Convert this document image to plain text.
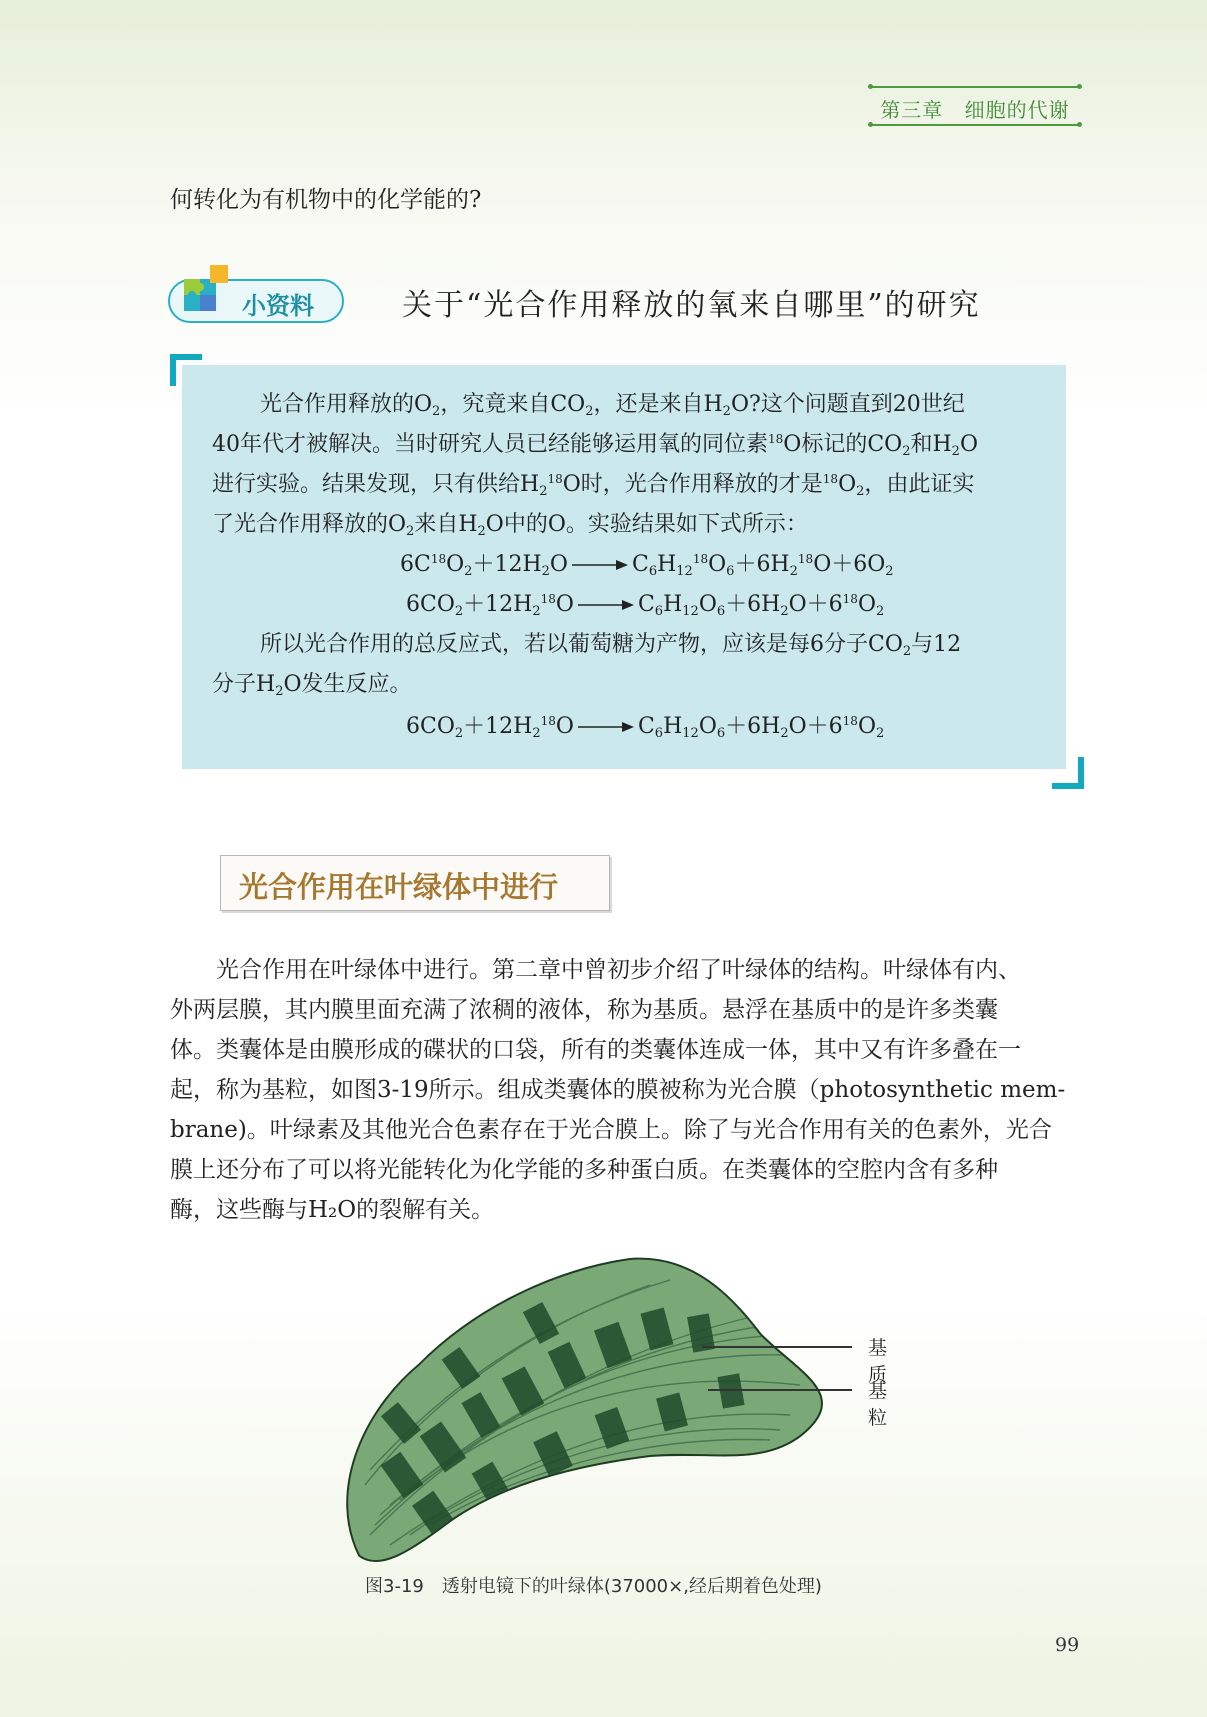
第三章 细胞的代谢
何转化为有机物中的化学能的?
小资料	关于“光合作用释放的氧来自哪里”的研究
光合作用释放的$O_2$，究竟来自$CO_2$，还是来自$H_2O$?这个问题直到20世纪
40年代才被解决。当时研究人员已经能够运用氧的同位素$^{18}$O标记的$CO_2$和$H_2O$
进行实验。结果发现，只有供给$H_2^{18}O$时，光合作用释放的才是$^{18}O_2$，由此证实
了光合作用释放的$O_2$来自$H_2O$中的O。实验结果如下式所示：
$6C^{18}O_2+12H_2O$	$C_6H_{12}^{18}O_6+6H_2^{18}O+6O_2$
$6CO_2+12H_2^{18}O$	$C_6H_{12}O_6+6H_2O+6^{18}O_2$
所以光合作用的总反应式，若以葡萄糖为产物，应该是每6分子$CO_2$与12
分子$H_2O$发生反应。
$6CO_2+12H_2^{18}O$	$C_6H_{12}O_6+6H_2O+6^{18}O_2$
光合作用在叶绿体中进行
光合作用在叶绿体中进行。第二章中曾初步介绍了叶绿体的结构。叶绿体有内、
外两层膜，其内膜里面充满了浓稠的液体，称为基质。悬浮在基质中的是许多类囊
体。类囊体是由膜形成的碟状的口袋，所有的类囊体连成一体，其中又有许多叠在一
起，称为基粒，如图3-19所示。组成类囊体的膜被称为光合膜（photosynthetic mem-
brane)。叶绿素及其他光合色素存在于光合膜上。除了与光合作用有关的色素外，光合
膜上还分布了可以将光能转化为化学能的多种蛋白质。在类囊体的空腔内含有多种
酶，这些酶与H₂O的裂解有关。
基质
基粒
图3-19　透射电镜下的叶绿体(37000×,经后期着色处理)
99
